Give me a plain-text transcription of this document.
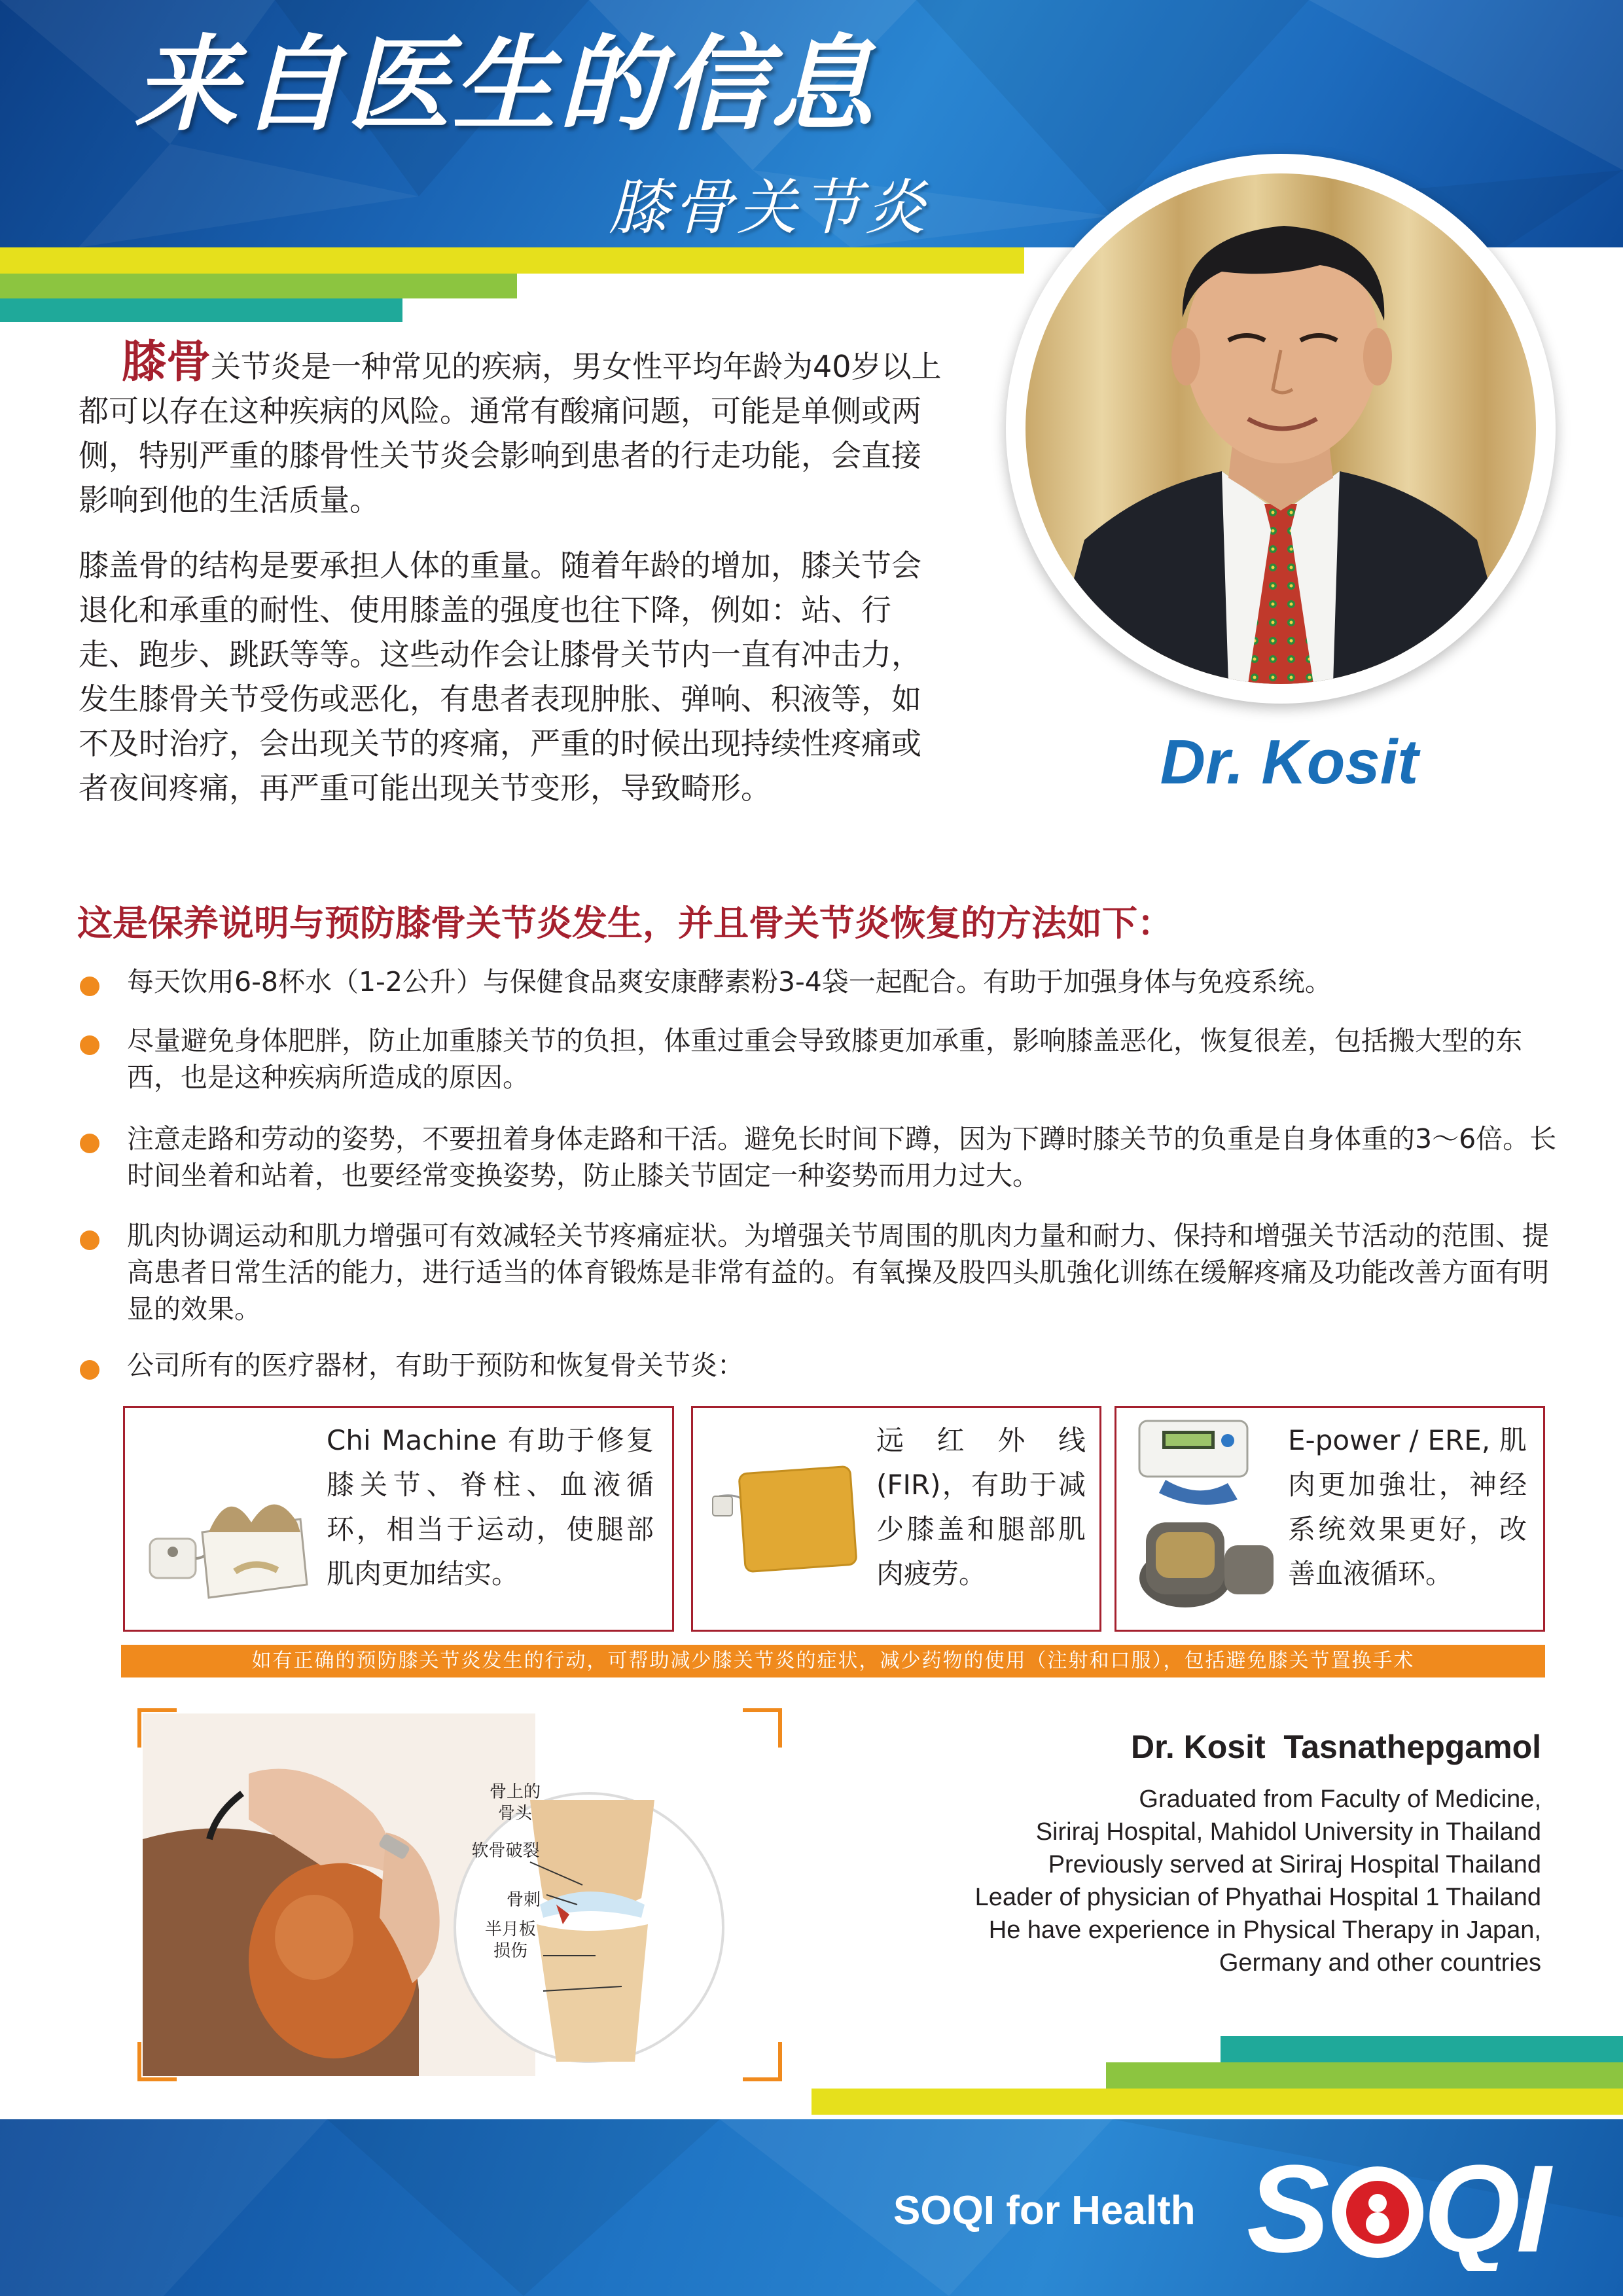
来自医生的信息
膝骨关节炎
Dr. Kosit
膝骨关节炎是一种常见的疾病，男女性平均年龄为40岁以上都可以存在这种疾病的风险。通常有酸痛问题，可能是单侧或两侧，特别严重的膝骨性关节炎会影响到患者的行走功能，会直接影响到他的生活质量。
膝盖骨的结构是要承担人体的重量。随着年龄的增加，膝关节会退化和承重的耐性、使用膝盖的强度也往下降，例如：站、行走、跑步、跳跃等等。这些动作会让膝骨关节内一直有冲击力，发生膝骨关节受伤或恶化，有患者表现肿胀、弹响、积液等，如不及时治疗，会出现关节的疼痛，严重的时候出现持续性疼痛或者夜间疼痛，再严重可能出现关节变形，导致畸形。
这是保养说明与预防膝骨关节炎发生，并且骨关节炎恢复的方法如下：
每天饮用6-8杯水（1-2公升）与保健食品爽安康酵素粉3-4袋一起配合。有助于加强身体与免疫系统。
尽量避免身体肥胖，防止加重膝关节的负担，体重过重会导致膝更加承重，影响膝盖恶化，恢复很差，包括搬大型的东西，也是这种疾病所造成的原因。
注意走路和劳动的姿势，不要扭着身体走路和干活。避免长时间下蹲，因为下蹲时膝关节的负重是自身体重的3～6倍。长时间坐着和站着，也要经常变换姿势，防止膝关节固定一种姿势而用力过大。
肌肉协调运动和肌力增强可有效减轻关节疼痛症状。为增强关节周围的肌肉力量和耐力、保持和增强关节活动的范围、提高患者日常生活的能力，进行适当的体育锻炼是非常有益的。有氧操及股四头肌強化训练在缓解疼痛及功能改善方面有明显的效果。
公司所有的医疗器材，有助于预防和恢复骨关节炎：
Chi Machine 有助于修复膝关节、脊柱、血液循环，相当于运动，使腿部肌肉更加结实。
远红外线 (FIR)，有助于减少膝盖和腿部肌肉疲劳。
E-power / ERE, 肌肉更加強壮，神经系统效果更好，改善血液循环。
如有正确的预防膝关节炎发生的行动，可帮助减少膝关节炎的症状，减少药物的使用（注射和口服），包括避免膝关节置换手术
骨上的
骨头
软骨破裂
骨刺
半月板
损伤
Dr. Kosit  Tasnathepgamol
Graduated from Faculty of Medicine,
Siriraj Hospital, Mahidol University in Thailand
Previously served at Siriraj Hospital Thailand
Leader of physician of Phyathai Hospital 1 Thailand
He have experience in Physical Therapy in Japan,
Germany and other countries
SOQI for Health S QI
